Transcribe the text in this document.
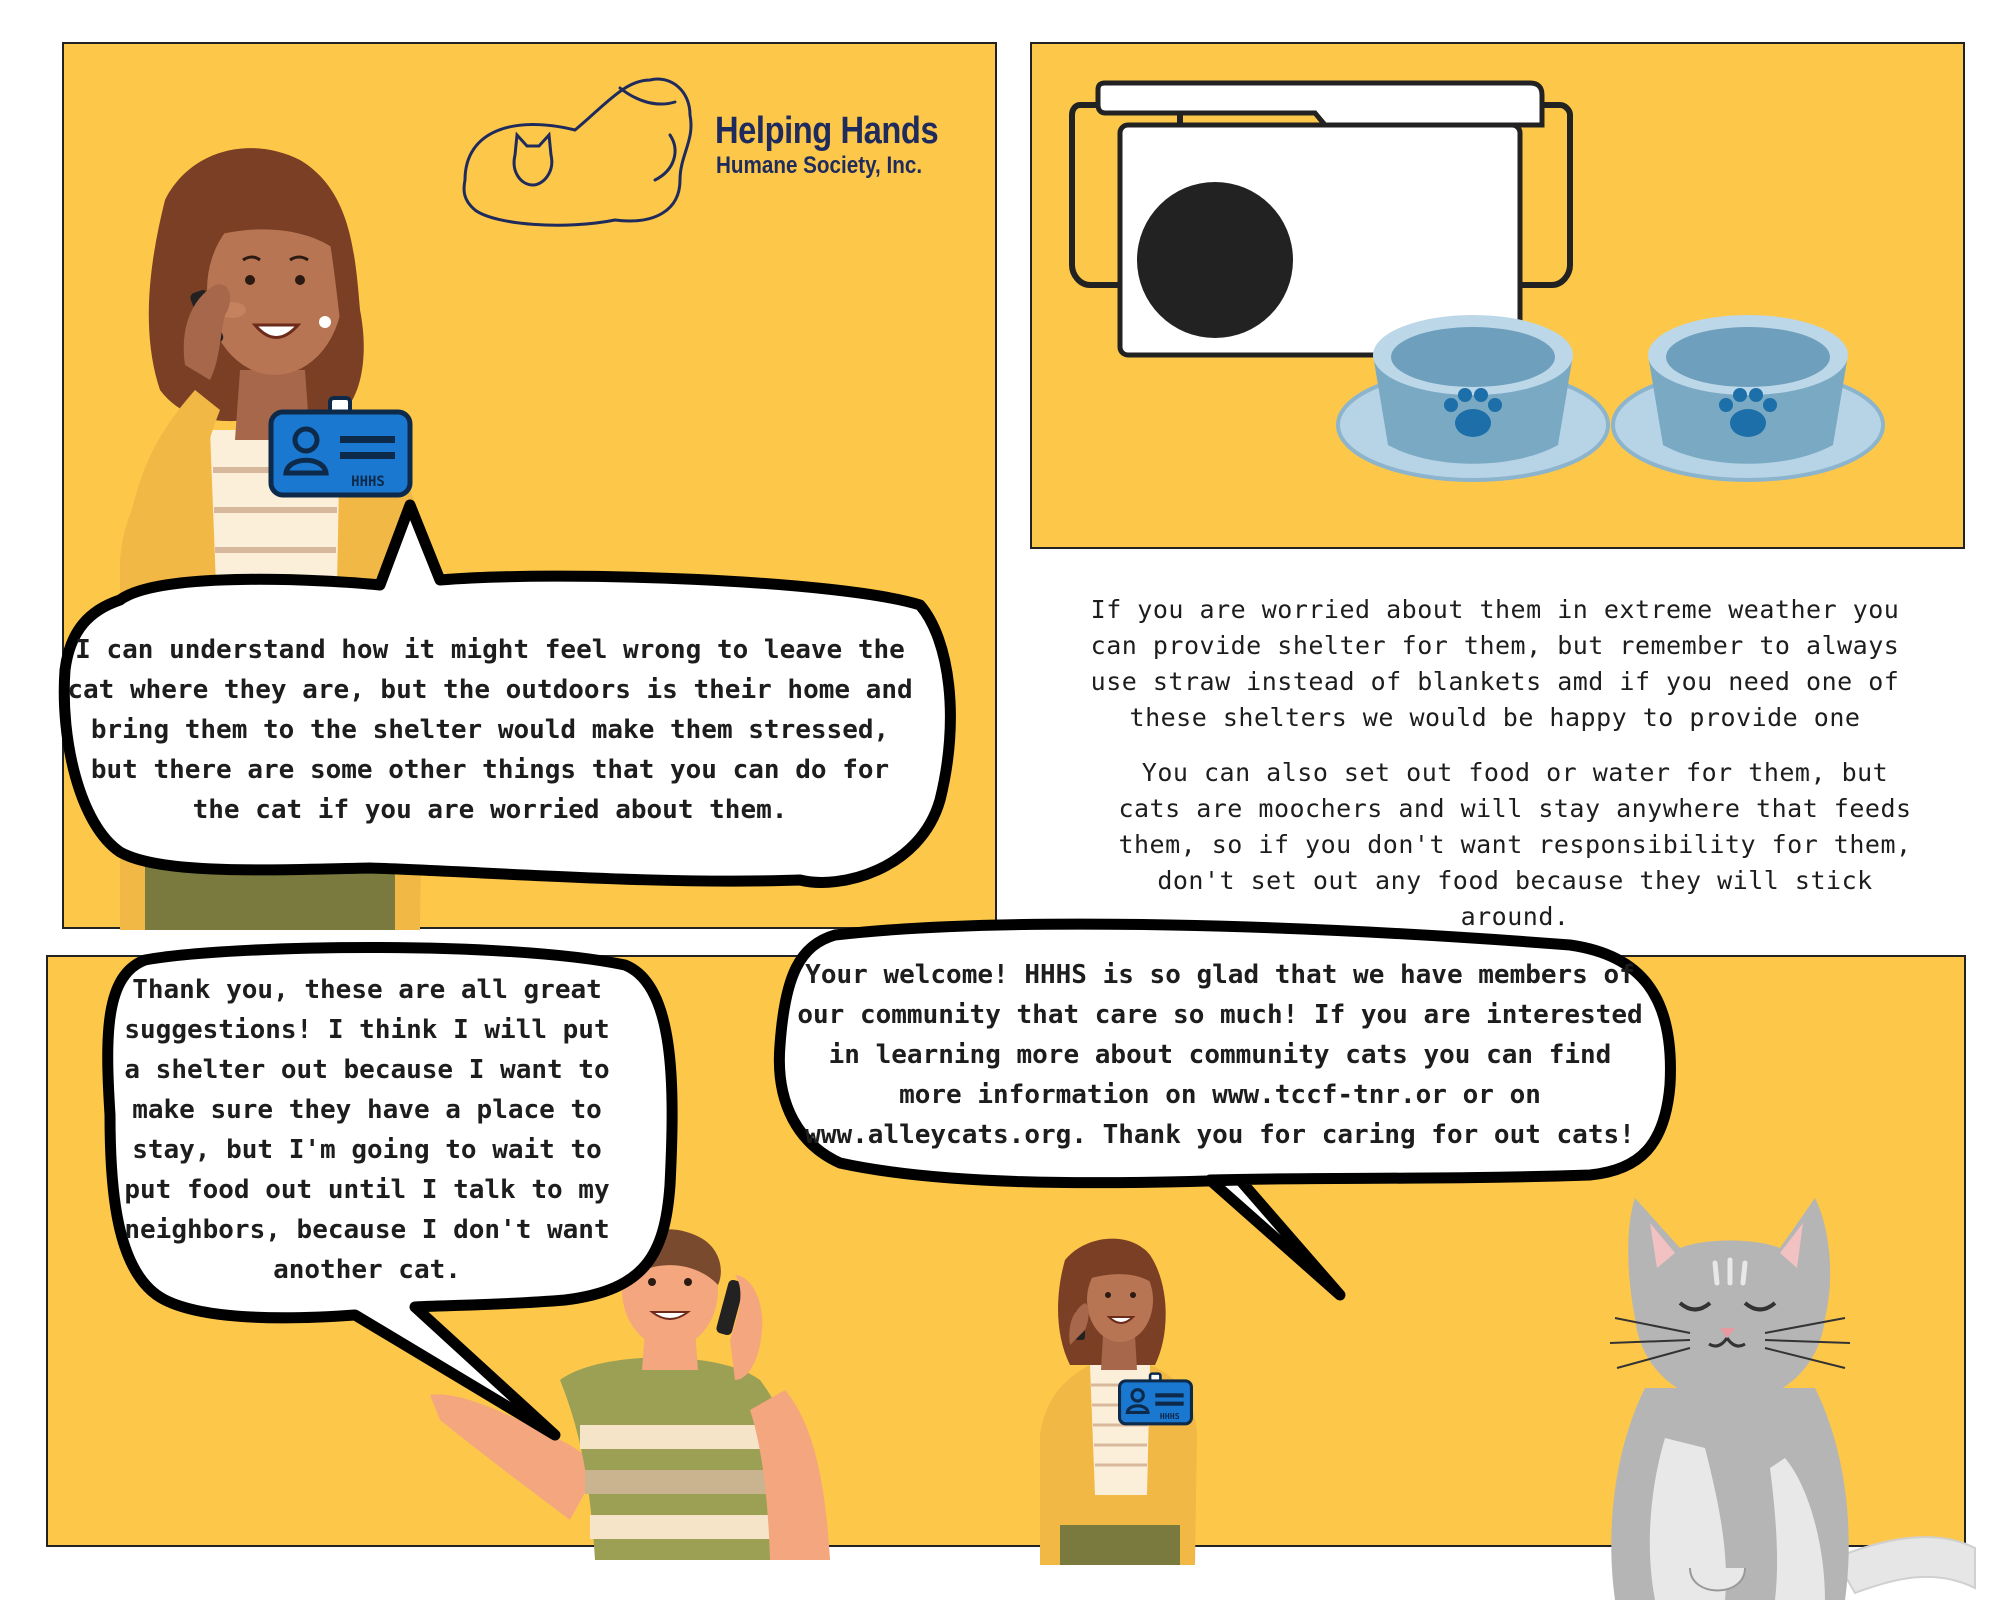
Helping Hands
Humane Society, Inc.
HHHS
I can understand how it might feel wrong to leave the cat where they are, but the outdoors is their home and bring them to the shelter would make them stressed, but there are some other things that you can do for the cat if you are worried about them.
If you are worried about them in extreme weather you can provide shelter for them, but remember to always use straw instead of blankets amd if you need one of these shelters we would be happy to provide one
You can also set out food or water for them, but cats are moochers and will stay anywhere that feeds them, so if you don't want responsibility for them, don't set out any food because they will stick around.
HHHS
Thank you, these are all great suggestions! I think I will put a shelter out because I want to make sure they have a place to stay, but I'm going to wait to put food out until I talk to my neighbors, because I don't want another cat.
Your welcome! HHHS is so glad that we have members of our community that care so much! If you are interested in learning more about community cats you can find more information on www.tccf-tnr.or or on www.alleycats.org. Thank you for caring for out cats!
